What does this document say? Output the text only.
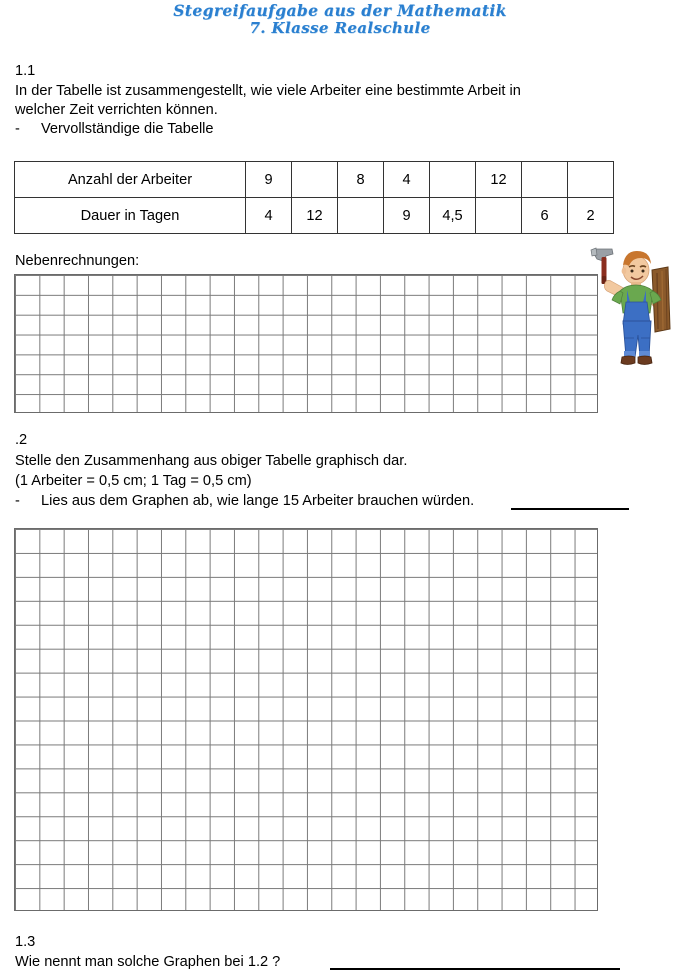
Stegreifaufgabe aus der Mathematik
7. Klasse Realschule
1.1
In der Tabelle ist zusammengestellt, wie viele Arbeiter eine bestimmte Arbeit in
welcher Zeit verrichten können.
- Vervollständige die Tabelle
Anzahl der Arbeiter	9		8	4		12		
Dauer in Tagen	4	12		9	4,5		6	2
Nebenrechnungen:
.2
Stelle den Zusammenhang aus obiger Tabelle graphisch dar.
(1 Arbeiter = 0,5 cm; 1 Tag = 0,5 cm)
- Lies aus dem Graphen ab, wie lange 15 Arbeiter brauchen würden.
1.3
Wie nennt man solche Graphen bei 1.2 ?
